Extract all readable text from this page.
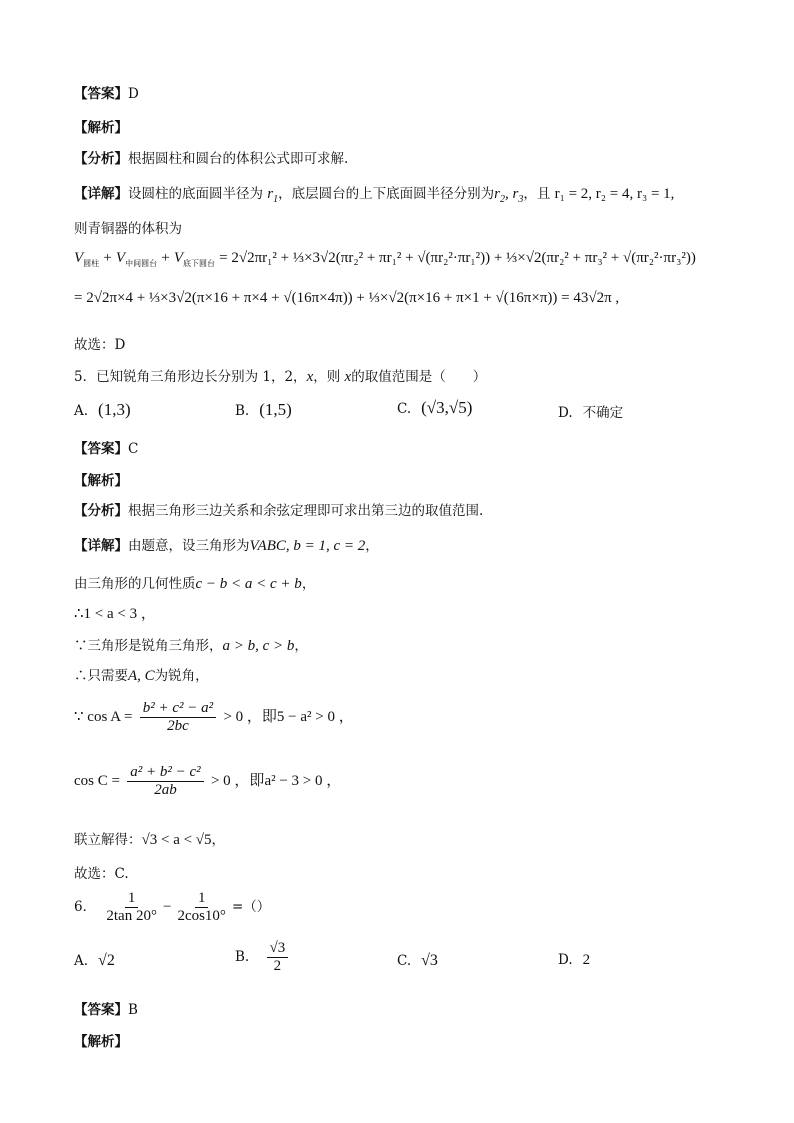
【答案】D
【解析】
【分析】根据圆柱和圆台的体积公式即可求解.
【详解】设圆柱的底面圆半径为 $r_1$，底层圆台的上下底面圆半径分别为$r_2$, $r_3$，且 r₁ = 2, r₂ = 4, r₃ = 1,
则青铜器的体积为
$V_{圆柱} + V_{中间圆台} + V_{底下圆台} = 2√2\pi r_1^2$ + ⅓×3√2(πr₂² + πr₁² + √(πr₂²·πr₁²)) + ⅓×√2(πr₂² + πr₃² + √(πr₂²·πr₃²))
= 2√2π×4 + ⅓×3√2(π×16 + π×4 + √(16π×4π)) + ⅓×√2(π×16 + π×1 + √(16π×π)) = 43√2π ,
故选：D
5．已知锐角三角形边长分别为 1，2，x，则 x的取值范围是（　　）
A. (1,3)	B. (1,5)	C. (√3,√5)	D. 不确定
【答案】C
【解析】
【分析】根据三角形三边关系和余弦定理即可求出第三边的取值范围.
【详解】由题意，设三角形为VABC, b = 1, c = 2，
由三角形的几何性质c − b < a < c + b，
∴1 < a < 3 ，
∵三角形是锐角三角形，a > b, c > b，
∴只需要A, C为锐角，
∵ $\cos A = \frac{\text{b² + c² − a²}}{2bc} > 0$ ，即5 − a² > 0 ，
$\cos C = \frac{\text{a² + b² − c²}}{2ab} > 0$ ，即a² − 3 > 0 ，
联立解得：√3 < a < √5，
故选：C.
6． $\frac{1}{2\tan 20^\circ} - \frac{1}{2\cos 10^\circ}$ =（）
A. √2	B. $\frac{√3}{2}$	C. √3	D. 2
【答案】B
【解析】
